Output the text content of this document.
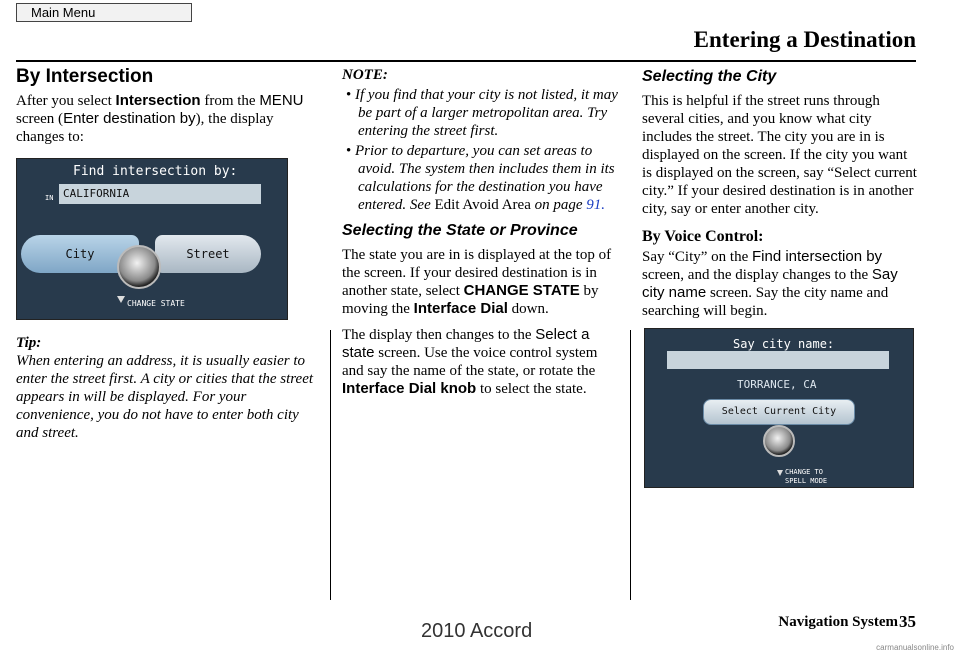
Main Menu
Entering a Destination
By Intersection

After you select Intersection from the MENU screen (Enter destination by), the display changes to:

Find intersection by:
IN CALIFORNIA
City	Street
CHANGE STATE

Tip:

When entering an address, it is usually easier to enter the street first. A city or cities that the street appears in will be displayed. For your convenience, you do not have to enter both city and street.

NOTE:

• If you find that your city is not listed, it may be part of a larger metropolitan area. Try entering the street first.
• Prior to departure, you can set areas to avoid. The system then includes them in its calculations for the destination you have entered. See Edit Avoid Area on page 91.
Selecting the State or Province

The state you are in is displayed at the top of the screen. If your desired destination is in another state, select CHANGE STATE by moving the Interface Dial down.

The display then changes to the Select a state screen. Use the voice control system and say the name of the state, or rotate the Interface Dial knob to select the state.

Selecting the City

This is helpful if the street runs through several cities, and you know what city includes the street. The city you are in is displayed on the screen. If the city you want is displayed on the screen, say “Select current city.” If your desired destination is in another city, say or enter another city.

By Voice Control:

Say “City” on the Find intersection by screen, and the display changes to the Say city name screen. Say the city name and searching will begin.

Say city name:
TORRANCE, CA
Select Current City
CHANGE TO
SPELL MODE
Navigation System 35
2010 Accord
carmanualsonline.info
